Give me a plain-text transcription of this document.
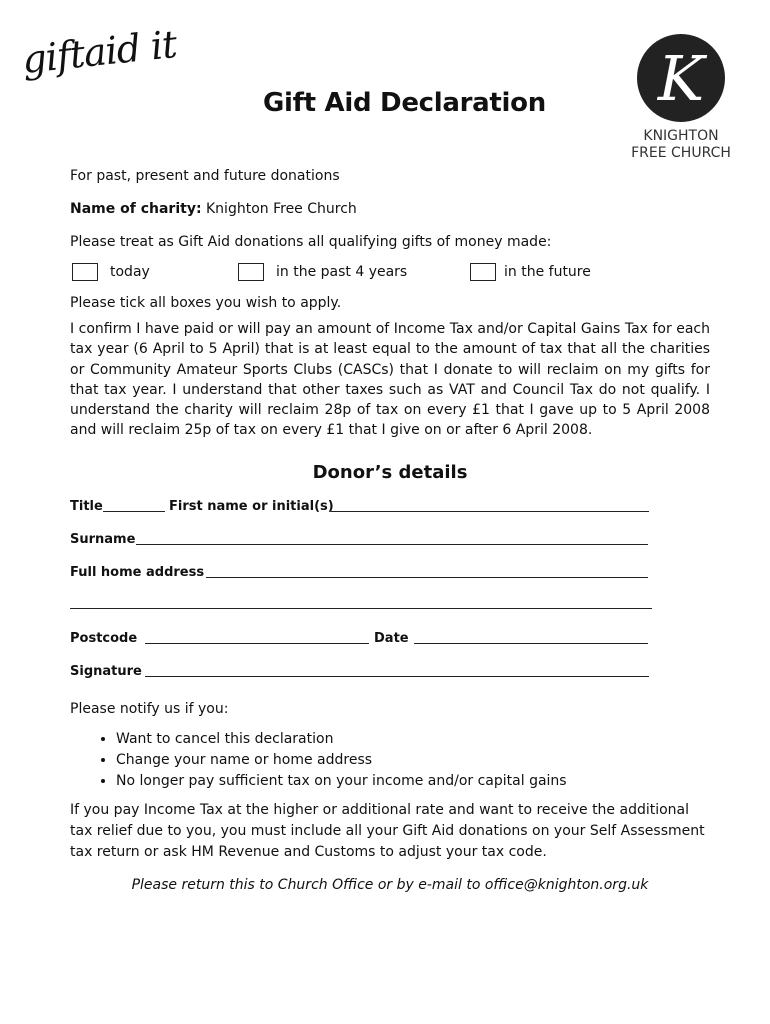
giftaid it	K
KNIGHTON
FREE CHURCH
Gift Aid Declaration

For past, present and future donations

Name of charity: Knighton Free Church

Please treat as Gift Aid donations all qualifying gifts of money made:

today	in the past 4 years	in the future

Please tick all boxes you wish to apply.

I confirm I have paid or will pay an amount of Income Tax and/or Capital Gains Tax for each tax year (6 April to 5 April) that is at least equal to the amount of tax that all the charities or Community Amateur Sports Clubs (CASCs) that I donate to will reclaim on my gifts for that tax year. I understand that other taxes such as VAT and Council Tax do not qualify. I understand the charity will reclaim 28p of tax on every £1 that I gave up to 5 April 2008 and will reclaim 25p of tax on every £1 that I give on or after 6 April 2008.

Donor’s details
Title	First name or initial(s)
Surname
Full home address
Postcode	Date
Signature

Please notify us if you:

• Want to cancel this declaration
• Change your name or home address
• No longer pay sufficient tax on your income and/or capital gains

If you pay Income Tax at the higher or additional rate and want to receive the additional tax relief due to you, you must include all your Gift Aid donations on your Self Assessment tax return or ask HM Revenue and Customs to adjust your tax code.

Please return this to Church Office or by e-mail to office@knighton.org.uk
